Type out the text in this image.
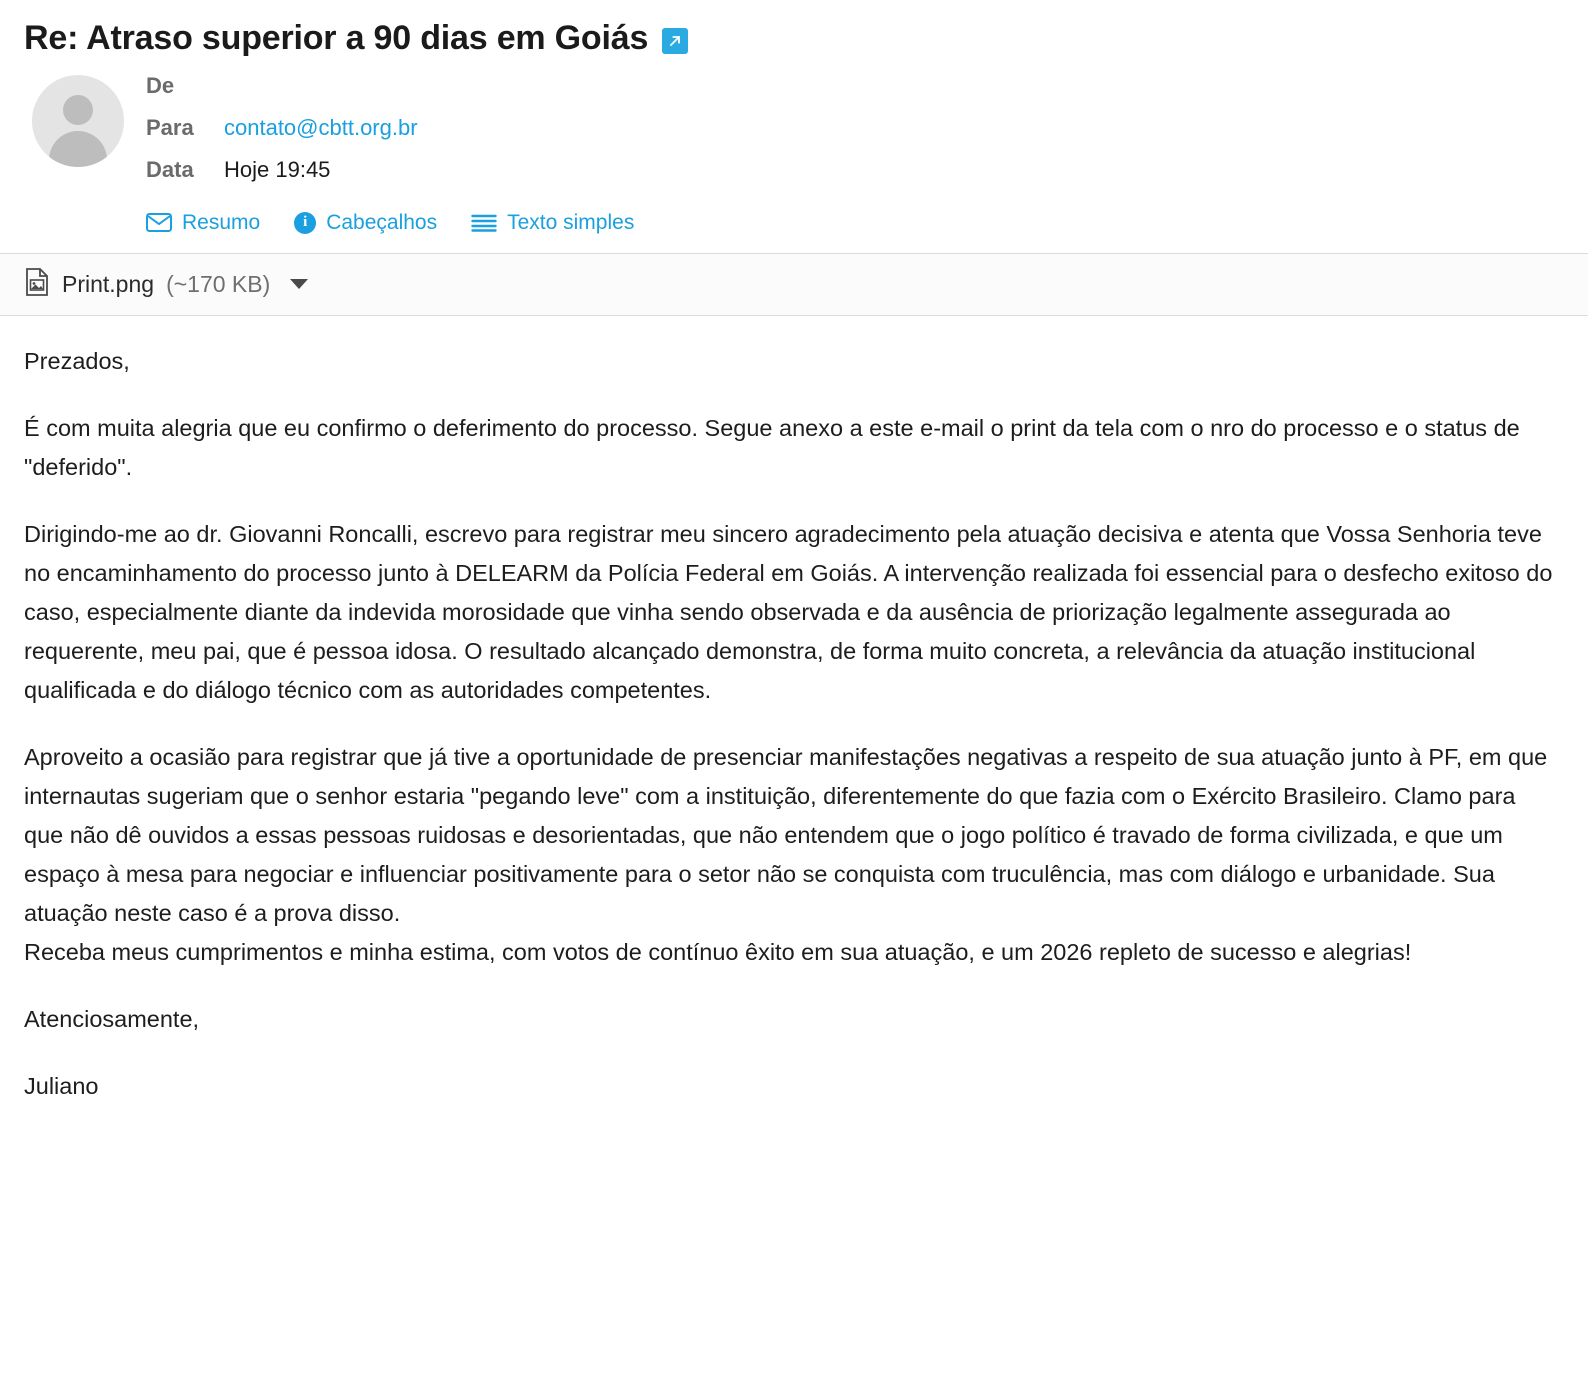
Re: Atraso superior a 90 dias em Goiás
De
Para	contato@cbtt.org.br
Data	Hoje 19:45
Resumo	i Cabeçalhos	Texto simples
Print.png (~170 KB)

Prezados,

É com muita alegria que eu confirmo o deferimento do processo. Segue anexo a este e-mail o print da tela com o nro do processo e o status de "deferido".

Dirigindo-me ao dr. Giovanni Roncalli, escrevo para registrar meu sincero agradecimento pela atuação decisiva e atenta que Vossa Senhoria teve no encaminhamento do processo junto à DELEARM da Polícia Federal em Goiás. A intervenção realizada foi essencial para o desfecho exitoso do caso, especialmente diante da indevida morosidade que vinha sendo observada e da ausência de priorização legalmente assegurada ao requerente, meu pai, que é pessoa idosa. O resultado alcançado demonstra, de forma muito concreta, a relevância da atuação institucional qualificada e do diálogo técnico com as autoridades competentes.

Aproveito a ocasião para registrar que já tive a oportunidade de presenciar manifestações negativas a respeito de sua atuação junto à PF, em que internautas sugeriam que o senhor estaria "pegando leve" com a instituição, diferentemente do que fazia com o Exército Brasileiro. Clamo para que não dê ouvidos a essas pessoas ruidosas e desorientadas, que não entendem que o jogo político é travado de forma civilizada, e que um espaço à mesa para negociar e influenciar positivamente para o setor não se conquista com truculência, mas com diálogo e urbanidade. Sua atuação neste caso é a prova disso.

Receba meus cumprimentos e minha estima, com votos de contínuo êxito em sua atuação, e um 2026 repleto de sucesso e alegrias!

Atenciosamente,

Juliano
